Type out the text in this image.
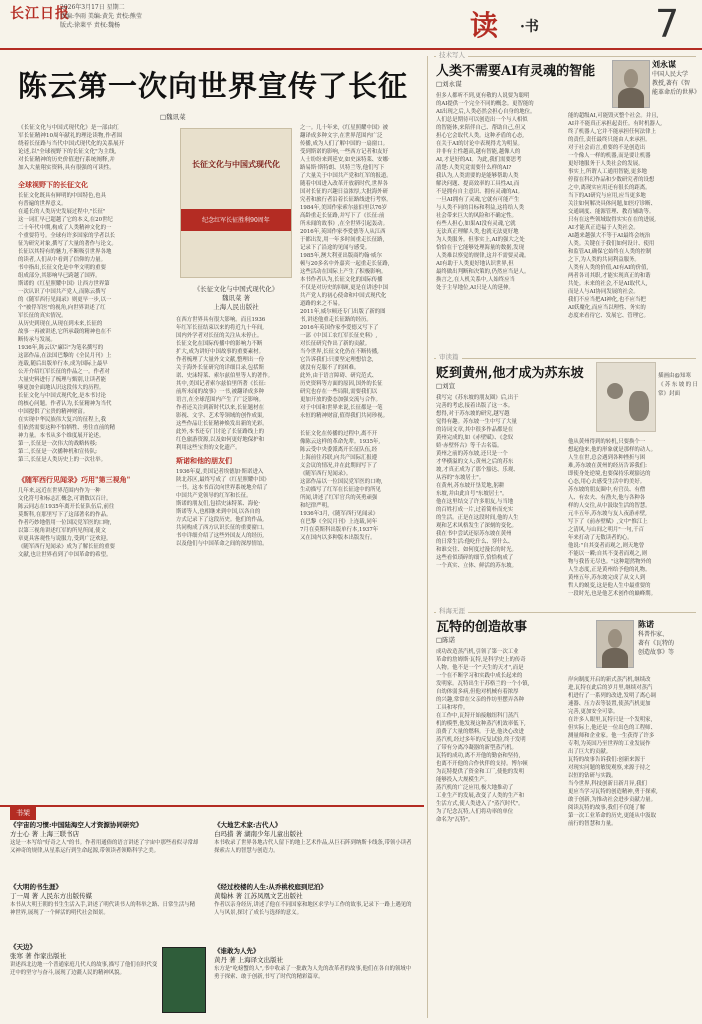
长江日报
2026年3月17日 星期二
责编:李雨 美编:黄先 责校:熊莹
版式:徐莱平 责权:魏杨	读	·书	7
陈云第一次向世界宣传了长征
□魏讯菜
《长征文化与中国式现代化》是一部由红
军长征精神10周年献礼的理论读物,作者围
绕着长征路与当代中国式现代化的关系展开
论述,以"全球视野下的长征文化"为主线,
对长征精神的历史价值进行系统阐释,并
加入大量翔实资料,具有很强的可读性。
全球视野下的长征文化
长征文化既具有鲜明的中国特色,也具
有普遍的世界意义。
在遥长的人类历史发展过程中,"长征"
这一词汇早已超越了它的本义,在20世纪
二十年代中期,构成了人类精神文化的一
个重要符号。全球有许多国家的学者以长
征为研究对象,撰写了大量的著作与论文。
长征以其特有的魅力,不断吸引世界各地
的读者,人们从中看到了信仰的力量。
书中指出,长征文化是中华文明的重要
组成部分,其影响早已跨越了国界。
斯诺的《红星照耀中国》让西方世界第
一次认识了中国共产党人,而陈云撰写
的《随军西行见闻录》则更早一步,以一
个"被俘军医"的视角,向世界讲述了红
军长征的真实情况。
从历史到现在,从现在到未来,长征的
故事一再被讲述,它所承载的精神也在不
断传承与发展。
1936年,陈云以"廉臣"为笔名撰写的
这部作品,在法国巴黎的《全民月刊》上
连载,随后出版单行本,成为国际上最早
公开介绍红军长征的作品之一。作者对
大量史料进行了梳理与甄别,让读者能
够更加全面地认识这段伟大的历程。
长征文化与中国式现代化,是本书讨论
的核心问题。作者认为,长征精神为当代
中国提供了宝贵的精神财富。
在实现中华民族伟大复兴的征程上,我
们依然需要这种不怕牺牲、勇往直前的精
神力量。本书从多个维度展开论述。
第一,长征是一次伟大的战略转移;
第二,长征是一次播种机和宣传队;
第三,长征是人类历史上的一次壮举。
《随军西行见闻录》巧用"第三视角"
几年来,远近在世界范围内作为一种
文化符号和标志汇概念,可谓数以百计。
陈云同志在1935年离开长征队伍后,前往
莫斯科,在那里写下了这部著名的作品。
作者巧妙地借用一位国民党军医的口吻,
以第三视角讲述红军的所见所闻,使文
章更具客观性与说服力,受到广泛欢迎。
《随军西行见闻录》成为了解长征的重要
文献,也让世界看到了中国革命的希望。
长征文化与中国式现代化
纪念红军长征胜利90周年
《长征文化与中国式现代化》
魏讯菜 著
上海人民出版社
在西方世界具有很大影响。而且1936
年红军长征结束以来的将近九十年间,
国内外学者对长征的关注从未停止。
长征文化在国际传播中的影响力不断
扩大,成为讲好中国故事的重要素材。
作者梳理了大量外文文献,整理出一份
关于海外长征研究的详细目录,包括斯
诺、史沫特莱、索尔兹伯里等人的著作。
其中,美国记者索尔兹伯里所著《长征:
前所未闻的故事》一书,被翻译成多种
语言,在全球范围内产生了广泛影响。
作者还关注到新时代以来,长征题材在
影视、文学、艺术等领域的创作成果,
这些作品让长征精神焕发出新的光彩。
此外,本书还专门讨论了长征路线上的
红色旅游资源,以及如何更好地保护和
利用这些宝贵的文化遗产。
斯诺和他的朋友们
1936年夏,美国记者埃德加·斯诺进入
陕北苏区,最终写成了《红星照耀中国》
一书。这本书首次向世界系统地介绍了
中国共产党领导的红军和长征。
斯诺的朋友们,包括史沫特莱、海伦·
斯诺等人,也相继来到中国,以各自的
方式记录下了这段历史。他们的作品,
共同构成了西方认识长征的重要窗口。
书中详细介绍了这些外国友人的经历,
以及他们与中国革命之间的深厚情谊。
之一。几十年来,《红星照耀中国》被
翻译成多种文字,在世界范围内广泛
传播,成为人们了解中国的一扇窗口。
受到斯诺的影响,一些西方记者和友好
人士纷纷来到延安,如史沫特莱、安娜·
路易斯·斯特朗、贝特兰等,他们写下
了大量关于中国共产党和红军的报道。
随着中国进入改革开放新时代,世界各
国对长征的兴趣日益浓厚,大批海外研
究者和旅行者沿着长征路线进行考察。
1984年,美国作家索尔兹伯里以76岁
高龄重走长征路,并写下了《长征:前
所未闻的故事》,在全世界引起轰动。
2016年,英国作家李爱德等人从江西
于都出发,用一年多时间重走长征路,
记录下了沿途的见闻与感受。
1985年,澳大利亚出版商约翰·威尔
顿与20多名中外嘉宾一起重走长征路,
这些活动在国际上产生了积极影响。
本书作者认为,长征文化的国际传播
不仅是对历史的回顾,更是在讲述中国
共产党人的初心使命和中国式现代化
道路的来之不易。
2011年,威尔顿还专门出版了新的图
书,讲述他重走长征路的经历。
2016年英国作家李爱德又写下了
一部《中国工农红军长征史料》,
对长征研究作出了新的贡献。
当今世界,长征文化仍在不断传播,
它告诉我们:只要坚定理想信念,
就没有克服不了的困难。
此外,由于语言障碍、研究范式、
历史资料等方面的原因,国外的长征
研究也存在一些局限,需要我们以
更加开放的姿态加强交流与合作。
对于中国和世界来说,长征都是一笔
永恒的精神财富,值得我们共同珍视。
长征文化在传播的过程中,离不开
像陈云这样的革命先辈。1935年,
陈云受中央委派离开长征队伍,经
上海前往苏联,向共产国际汇报遵
义会议的情况,并在此期间写下了
《随军西行见闻录》。
这部作品以一位国民党军医的口吻,
生动描写了红军在长征途中的所见
所闻,讲述了红军官兵的英勇顽强
和纪律严明。
1936年3月,《随军西行见闻录》
在巴黎《全民月刊》上连载,同年
7月在莫斯科出版单行本,1937年
又在国内以多种版本出版发行。
技术写人
人类不需要AI有灵魂的智能
□刘永谋
刘永谋
中国人民大学
教授,著有《智
能革命后的世界》
但多人都听不到,更有敬的人说要为聪明
的AI提供一个完全不同的概念。更智能的
AI出现之后,人类必然会担心自身的地位。
人们总是期待可以创造出一个与人相似
的智能体,来陪伴自己、帮助自己,但又
担心它会取代人类。这种矛盾的心态,
在关于AI的讨论中表现得尤为明显。
并非有主性越高,越有智能,越像人的
AI,才是好的AI。为此,我们需要思考
清楚:人类究竟需要什么样的AI?
我认为,人类需要的是能够帮助人类
解决问题、提高效率的工具性AI,而
不是拥有自主意识、拥有灵魂的AI。
一旦AI拥有了灵魂,它就有可能产生
与人类不同的目标和利益,这将给人类
社会带来巨大的风险和不确定性。
有些人担心,如果AI没有灵魂,它就
无法真正理解人类,也就无法更好地
为人类服务。但事实上,AI的强大之处
恰恰在于它能够处理海量的数据,发现
人类难以察觉的规律,这并不需要灵魂。
AI有助于人类更好地认识世界,但
最终做出判断和决策的,仍然应当是人。
换言之,在人机关系中,人始终应当
处于主导地位,AI只是人的延伸。
能的超级AI,可能毁灭整个社会。并且,
AI并不能真正承担起责任。有时机器人,
终了机器人,它并不能承担任何法律上
的责任,责任最终只能由人来承担。
对于社会而言,重要的不是创造出
一个像人一样的机器,而是要让机器
更好地服务于人类社会的发展。
事实上,所谓人工通用智能,更多地
停留在科幻作品和少数研究者的设想
之中,离现实应用还有很长的距离。
当下的AI研究与应用,应当更多地
关注如何解决具体问题,如医疗诊断、
交通调度、能源管理、教育辅助等。
只有在这些领域取得实实在在的进展,
AI才能真正造福于人类社会。
AI越来越强大不等于AI最终会统治
人类。关键在于我们如何设计、使用
和监管AI,确保它始终在人类的控制
之下,为人类的共同利益服务。
人类有人类的价值,AI有AI的价值,
两者各司其职,才能实现真正的和谐
共处。未来的社会,不是AI取代人,
而是人与AI协同发展的社会。
我们不应当把AI神化,也不应当把
AI妖魔化,而应当以理性、务实的
态度来看待它、发展它、管理它。
审读篇
贬到黄州,他才成为苏东坡
□刘宣
插画由@知寒
《苏东坡的日常》封面
我写完《苏东坡的朋友圈》后,出于
完善的考虑,接着出版了这一本。
想得,对于苏东坡的研究,越写越
觉得有趣。苏东坡一生中写了大量
的诗词文章,其中很多作品都是在
黄州完成的,如《赤壁赋》、《念奴
娇·赤壁怀古》等千古名篇。
黄州之前的苏东坡,还只是一个
才华横溢的文人;黄州之后的苏东
坡,才真正成为了那个豁达、乐观、
从容的"东坡居士"。
在黄州,苏东坡开垦荒地,躬耕
东坡,并由此自号"东坡居士"。
他在这里结交了许多朋友,与当地
的百姓打成一片,过着简朴而充实
的生活。正是在这段时间,他的人生
观和艺术风格发生了深刻的变化。
我在书中尝试还原苏东坡在黄州
的日常生活:他吃什么、穿什么、
和谁交往、如何度过漫长的时光。
这些看似琐碎的细节,恰恰构成了
一个真实、立体、鲜活的苏东坡。
他从黄州得到的转机,只要换个一
想起他来,他的形象就是那样的动人。
人生在世,总会遇到各种挫折与困
难,苏东坡在黄州的经历告诉我们:
即使身处逆境,也要保持乐观豁达的
心态,用心去感受生活中的美好。
苏东坡的朋友圈中,有官员、有僧
人、有农夫、有渔夫,他与各种各
样的人交往,从中汲取生活的智慧。
元丰五年,苏东坡与友人夜游赤壁,
写下了《前赤壁赋》,文中"惟江上
之清风,与山间之明月"一句,千百
年来打动了无数读者的心。
他说:"自其变者而观之,则天地曾
不能以一瞬;自其不变者而观之,则
物与我皆无尽也。"这种超然物外的
人生态度,正是黄州给予他的礼物。
黄州五年,苏东坡完成了从文人到
哲人的蜕变,这是他人生中最重要的
一段时光,也是他艺术创作的巅峰期。
科海无涯
瓦特的创造故事
□陈诺
陈诺
科普作家、
著有《瓦特的
创造故事》等
成功改造蒸汽机,引领了第一次工业
革命的詹姆斯·瓦特,是科学史上的传奇
人物。他不是一个"天生的天才",而是
一个在不断学习和实践中成长起来的
发明家。瓦特出生于苏格兰的一个小镇,
自幼体弱多病,但他对机械有着浓厚
的兴趣,常常在父亲的作坊里摆弄各种
工具和零件。
在工作中,瓦特开始接触纽科门蒸汽
机的模型,他发现这种蒸汽机效率低下,
浪费了大量的燃料。于是,他决心改进
蒸汽机,经过多年的反复试验,终于发明
了带有分离冷凝器的新型蒸汽机。
瓦特的成功,离不开他的勤奋和坚持,
也离不开他的合作伙伴的支持。博尔顿
为瓦特提供了资金和工厂,使他的发明
能够投入大规模生产。
蒸汽机的广泛应用,极大地推动了
工业生产的发展,改变了人类的生产和
生活方式,使人类进入了"蒸汽时代"。
为了纪念瓦特,人们将功率的单位
命名为"瓦特"。
岸向制度开启的新式蒸汽机,继续改
进,瓦特在此后的岁月里,继续对蒸汽
机进行了一系列的改进,发明了离心调
速器、压力表等装置,使蒸汽机更加
完善,更加安全可靠。
在许多人眼里,瓦特只是一个发明家,
但实际上,他还是一位出色的工程师、
测量师和企业家。他一生获得了许多
专利,为英国乃至世界的工业发展作
出了巨大的贡献。
瓦特的故事告诉我们:创新来源于
对现实问题的敏锐观察,来源于持之
以恒的钻研与实践。
当今世界,科技创新日新月异,我们
更应当学习瓦特的创造精神,勇于探索,
敢于创新,为推动社会进步贡献力量。
阅读瓦特的故事,我们不仅能了解
第一次工业革命的历史,更能从中汲取
前行的智慧和力量。
书架
《宇宙的习惯:中国陆海空人才资源协同研究》
方士心 著 上海三联书店

这是一本写给"好奇之人"的书。作者用通俗的语言讲述了宇宙中那些看似寻常却又神奇的规律,从星系运行到生命起源,带领读者领略科学之美。

《大明的书生涯》
丁一周 著 人民东方出版传媒

本书从大明王朝的书生生活入手,讲述了明代读书人的科举之路、日常生活与精神世界,展现了一个鲜活的明代社会图景。

《天边》
张寒 著 作家出版社

讲述西北边地一个普通家庭几代人的故事,描写了他们在时代变迁中的坚守与奋斗,展现了边疆人民的精神风貌。

《大地艺术家:古代人》
白玛措 著 湖南少年儿童出版社

本书收录了世界各地古代人留下的地上艺术作品,从巨石阵到纳斯卡线条,带领小读者探索古人的智慧与创造力。

《经过校楼的人生:从乔桃校庭到尼泊》
黄翰林 著 江苏凤凰文艺出版社

作者以亲身经历,讲述了他在不同国家和地区求学与工作的故事,记录下一路上遇见的人与风景,探讨了成长与选择的意义。

《谁敢为人先》
黄丹 著 上海译文出版社

东方是"吃螃蟹的人",书中收录了一批敢为人先的改革者的故事,他们在各自的领域中勇于探索、敢于创新,书写了时代的精彩篇章。
